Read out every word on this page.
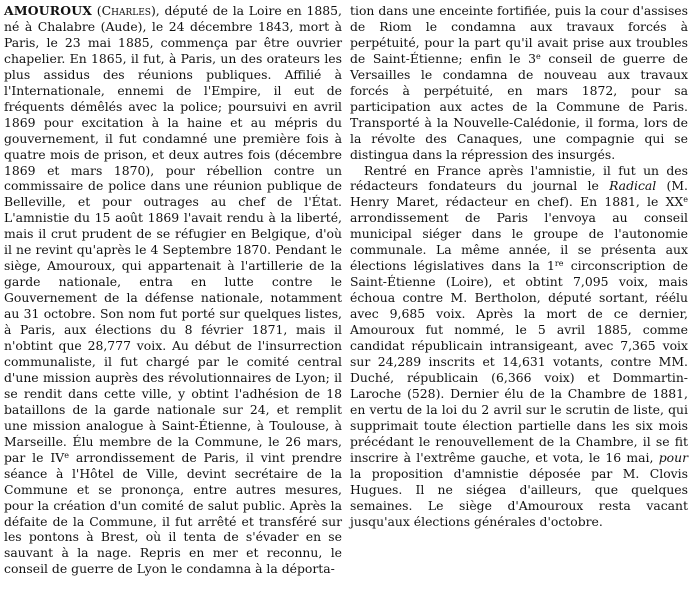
AMOUROUX (Charles), député de la Loire en 1885, né à Chalabre (Aude), le 24 décembre 1843, mort à Paris, le 23 mai 1885, commença par être ouvrier chapelier. En 1865, il fut, à Paris, un des orateurs les plus assidus des réunions publiques. Affilié à l'Internationale, ennemi de l'Empire, il eut de fréquents démêlés avec la police; poursuivi en avril 1869 pour excitation à la haine et au mépris du gouvernement, il fut condamné une première fois à quatre mois de prison, et deux autres fois (décembre 1869 et mars 1870), pour rébellion contre un commissaire de police dans une réunion publique de Belleville, et pour outrages au chef de l'État. L'amnistie du 15 août 1869 l'avait rendu à la liberté, mais il crut prudent de se réfugier en Belgique, d'où il ne revint qu'après le 4 Septembre 1870. Pendant le siège, Amouroux, qui appartenait à l'artillerie de la garde nationale, entra en lutte contre le Gouvernement de la défense nationale, notamment au 31 octobre. Son nom fut porté sur quelques listes, à Paris, aux élections du 8 février 1871, mais il n'obtint que 28,777 voix. Au début de l'insurrection communaliste, il fut chargé par le comité central d'une mission auprès des révolutionnaires de Lyon; il se rendit dans cette ville, y obtint l'adhésion de 18 bataillons de la garde nationale sur 24, et remplit une mission analogue à Saint-Étienne, à Toulouse, à Marseille. Élu membre de la Commune, le 26 mars, par le IVe arrondissement de Paris, il vint prendre séance à l'Hôtel de Ville, devint secrétaire de la Commune et se prononça, entre autres mesures, pour la création d'un comité de salut public. Après la défaite de la Commune, il fut arrêté et transféré sur les pontons à Brest, où il tenta de s'évader en se sauvant à la nage. Repris en mer et reconnu, le conseil de guerre de Lyon le condamna à la déporta-

tion dans une enceinte fortifiée, puis la cour d'assises de Riom le condamna aux travaux forcés à perpétuité, pour la part qu'il avait prise aux troubles de Saint-Étienne; enfin le 3e conseil de guerre de Versailles le condamna de nouveau aux travaux forcés à perpétuité, en mars 1872, pour sa participation aux actes de la Commune de Paris. Transporté à la Nouvelle-Calédonie, il forma, lors de la révolte des Canaques, une compagnie qui se distingua dans la répression des insurgés.

Rentré en France après l'amnistie, il fut un des rédacteurs fondateurs du journal le Radical (M. Henry Maret, rédacteur en chef). En 1881, le XXe arrondissement de Paris l'envoya au conseil municipal siéger dans le groupe de l'autonomie communale. La même année, il se présenta aux élections législatives dans la 1re circonscription de Saint-Étienne (Loire), et obtint 7,095 voix, mais échoua contre M. Bertholon, député sortant, réélu avec 9,685 voix. Après la mort de ce dernier, Amouroux fut nommé, le 5 avril 1885, comme candidat républicain intransigeant, avec 7,365 voix sur 24,289 inscrits et 14,631 votants, contre MM. Duché, républicain (6,366 voix) et Dommartin-Laroche (528). Dernier élu de la Chambre de 1881, en vertu de la loi du 2 avril sur le scrutin de liste, qui supprimait toute élection partielle dans les six mois précédant le renouvellement de la Chambre, il se fit inscrire à l'extrême gauche, et vota, le 16 mai, pour la proposition d'amnistie déposée par M. Clovis Hugues. Il ne siégea d'ailleurs, que quelques semaines. Le siège d'Amouroux resta vacant jusqu'aux élections générales d'octobre.
